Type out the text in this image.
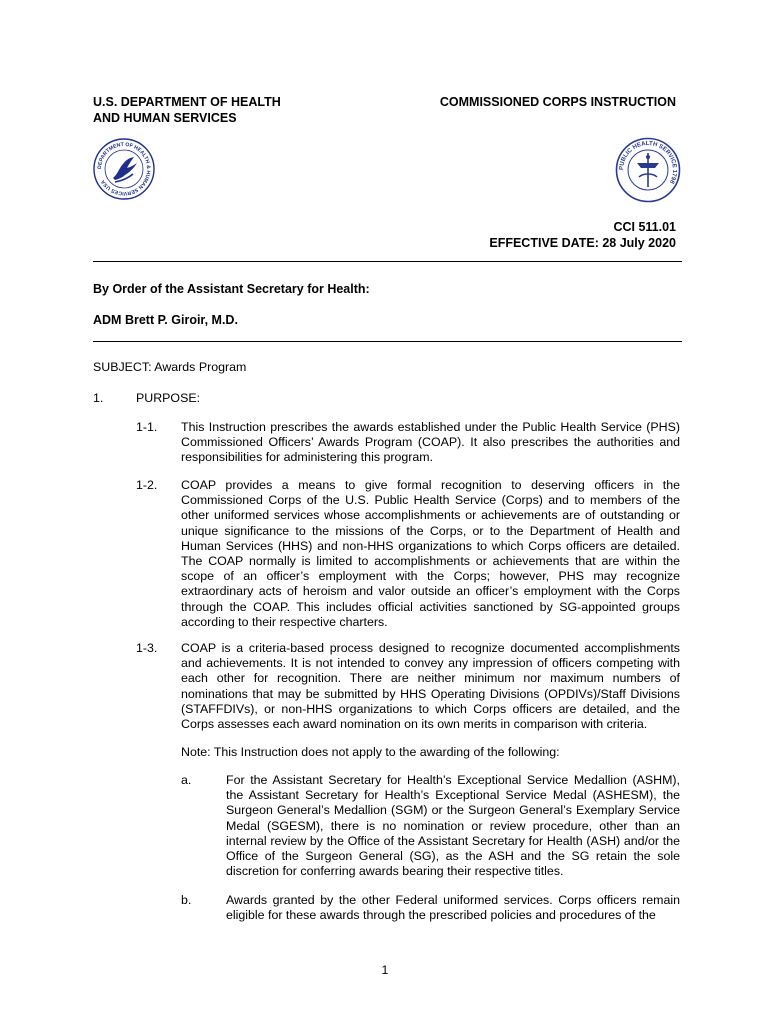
U.S. DEPARTMENT OF HEALTH
AND HUMAN SERVICES
COMMISSIONED CORPS INSTRUCTION
DEPARTMENT OF HEALTH & HUMAN SERVICES USA
PUBLIC HEALTH SERVICE 1798
CCI 511.01
EFFECTIVE DATE: 28 July 2020
By Order of the Assistant Secretary for Health:
ADM Brett P. Giroir, M.D.
SUBJECT: Awards Program
1.	PURPOSE:
1-1. This Instruction prescribes the awards established under the Public Health Service (PHS) Commissioned Officers’ Awards Program (COAP). It also prescribes the authorities and responsibilities for administering this program.
1-2. COAP provides a means to give formal recognition to deserving officers in the Commissioned Corps of the U.S. Public Health Service (Corps) and to members of the other uniformed services whose accomplishments or achievements are of outstanding or unique significance to the missions of the Corps, or to the Department of Health and Human Services (HHS) and non-HHS organizations to which Corps officers are detailed. The COAP normally is limited to accomplishments or achievements that are within the scope of an officer’s employment with the Corps; however, PHS may recognize extraordinary acts of heroism and valor outside an officer’s employment with the Corps through the COAP. This includes official activities sanctioned by SG-appointed groups according to their respective charters.
1-3. COAP is a criteria-based process designed to recognize documented accomplishments and achievements. It is not intended to convey any impression of officers competing with each other for recognition. There are neither minimum nor maximum numbers of nominations that may be submitted by HHS Operating Divisions (OPDIVs)/Staff Divisions (STAFFDIVs), or non-HHS organizations to which Corps officers are detailed, and the Corps assesses each award nomination on its own merits in comparison with criteria.
Note: This Instruction does not apply to the awarding of the following:
a.	For the Assistant Secretary for Health’s Exceptional Service Medallion (ASHM), the Assistant Secretary for Health’s Exceptional Service Medal (ASHESM), the Surgeon General’s Medallion (SGM) or the Surgeon General’s Exemplary Service Medal (SGESM), there is no nomination or review procedure, other than an internal review by the Office of the Assistant Secretary for Health (ASH) and/or the Office of the Surgeon General (SG), as the ASH and the SG retain the sole discretion for conferring awards bearing their respective titles.
b.	Awards granted by the other Federal uniformed services. Corps officers remain eligible for these awards through the prescribed policies and procedures of the
1
